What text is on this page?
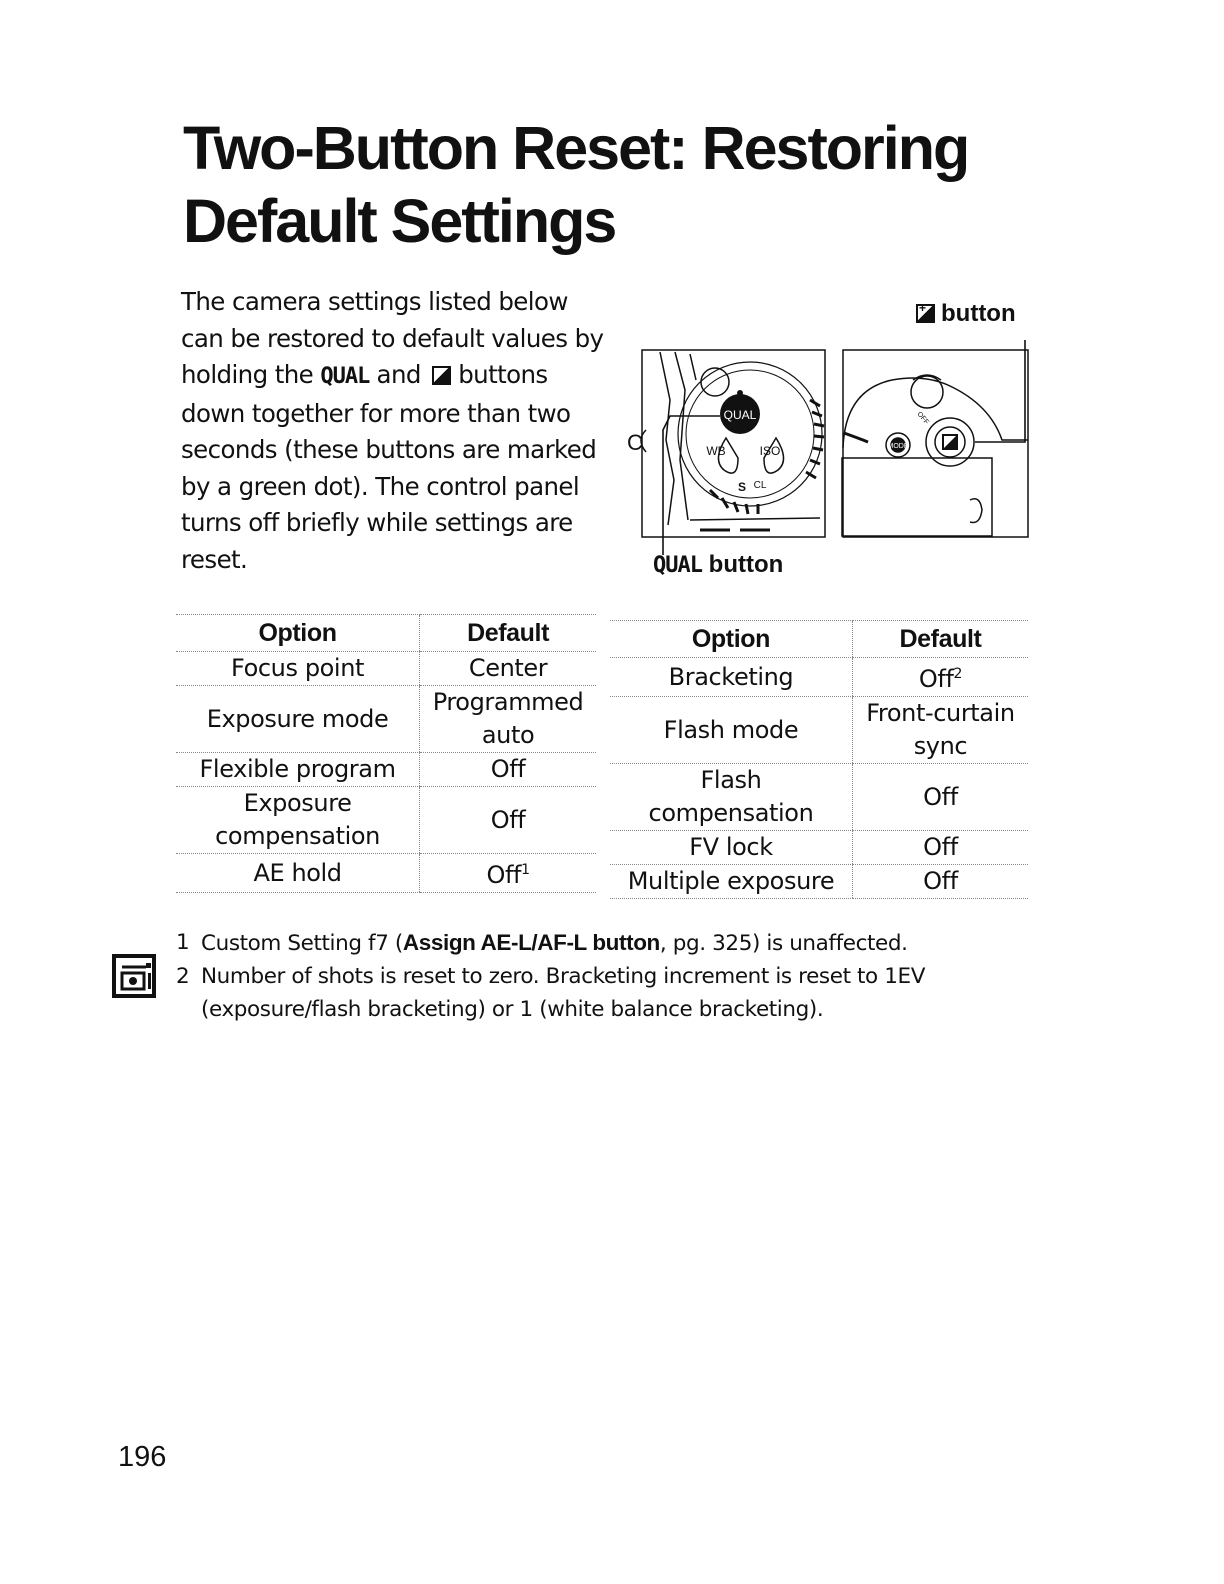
Two-Button Reset: Restoring
Default Settings
The camera settings listed below can be restored to default values by holding the QUAL and + buttons down together for more than two seconds (these buttons are marked by a green dot). The control panel turns off briefly while settings are reset.
+button
QUAL
WB	ISO
S CL
C
OFF
MODE
QUAL button
Option	Default
Focus point	Center
Exposure mode	Programmed auto
Flexible program	Off
Exposure compensation	Off
AE hold	Off$^1$
Option	Default
Bracketing	Off$^2$
Flash mode	Front-curtain sync
Flash compensation	Off
FV lock	Off
Multiple exposure	Off
1 Custom Setting f7 (Assign AE-L/AF-L button, pg. 325) is unaffected.
2 Number of shots is reset to zero. Bracketing increment is reset to 1EV (exposure/flash bracketing) or 1 (white balance bracketing).
196
